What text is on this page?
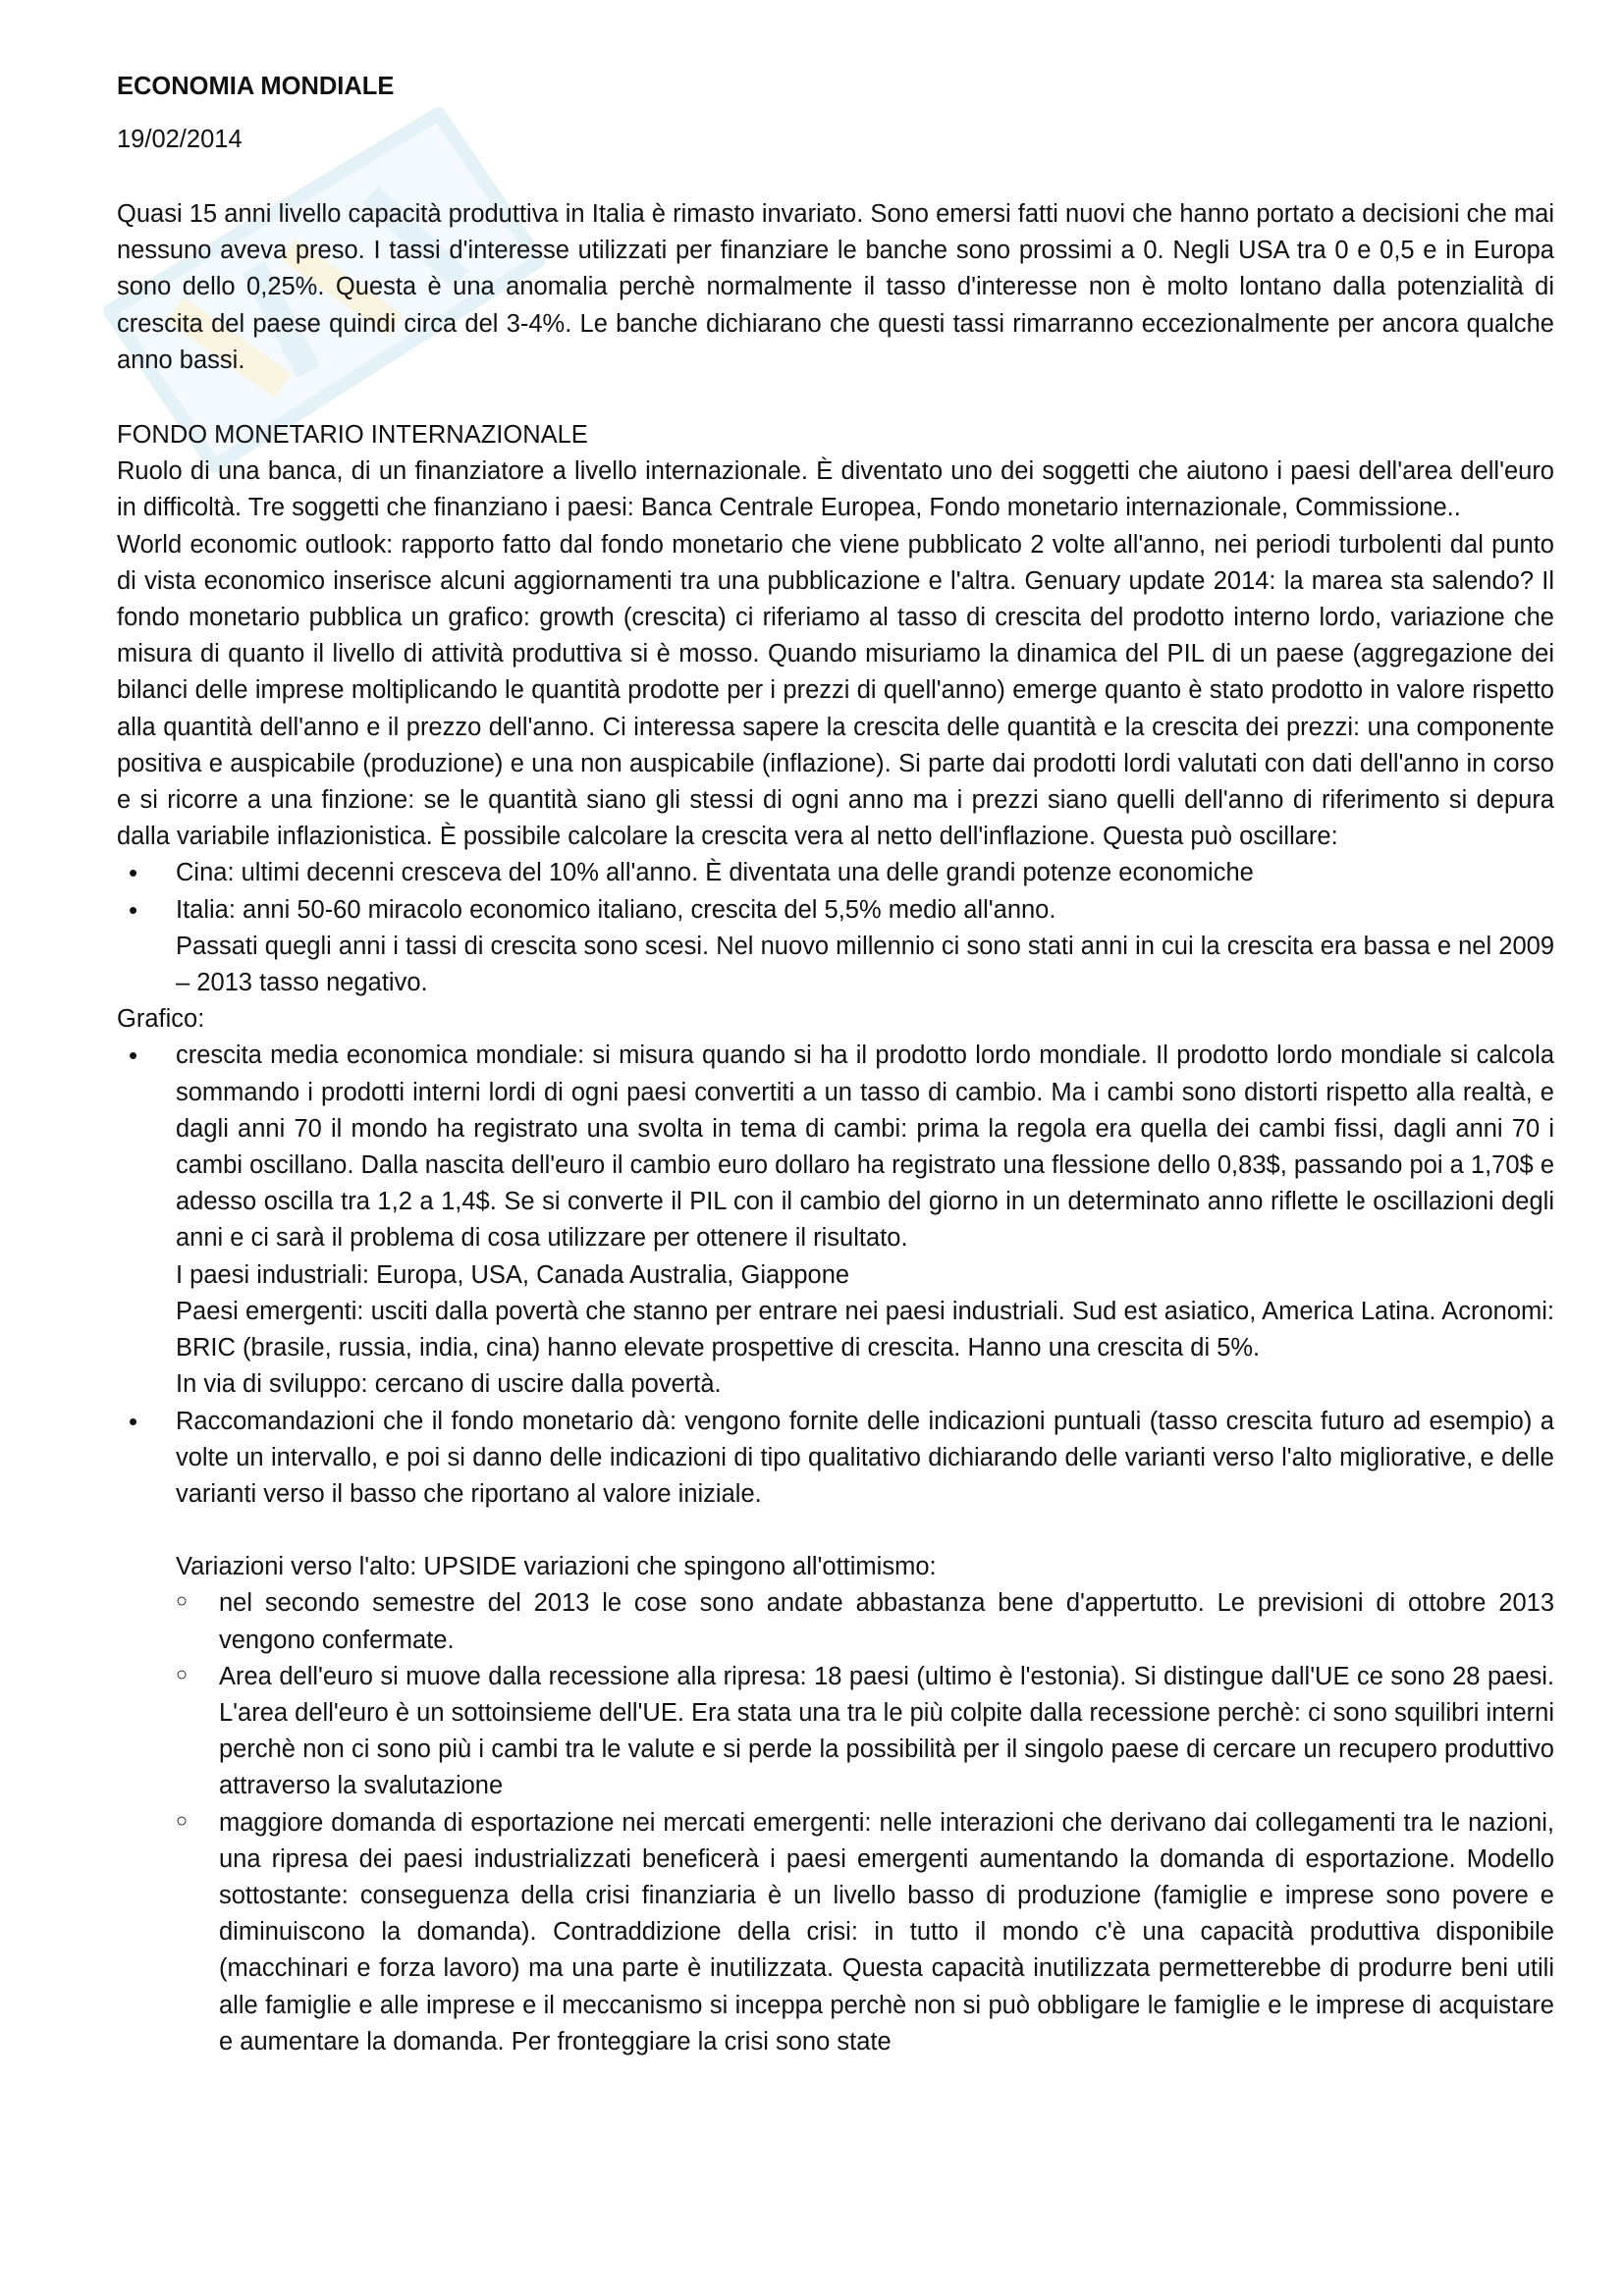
ECONOMIA MONDIALE
19/02/2014

Quasi 15 anni livello capacità produttiva in Italia è rimasto invariato. Sono emersi fatti nuovi che hanno portato a decisioni che mai nessuno aveva preso. I tassi d'interesse utilizzati per finanziare le banche sono prossimi a 0. Negli USA tra 0 e 0,5 e in Europa sono dello 0,25%. Questa è una anomalia perchè normalmente il tasso d'interesse non è molto lontano dalla potenzialità di crescita del paese quindi circa del 3-4%. Le banche dichiarano che questi tassi rimarranno eccezionalmente per ancora qualche anno bassi.

FONDO MONETARIO INTERNAZIONALE

Ruolo di una banca, di un finanziatore a livello internazionale. È diventato uno dei soggetti che aiutono i paesi dell'area dell'euro in difficoltà. Tre soggetti che finanziano i paesi: Banca Centrale Europea, Fondo monetario internazionale, Commissione..

World economic outlook: rapporto fatto dal fondo monetario che viene pubblicato 2 volte all'anno, nei periodi turbolenti dal punto di vista economico inserisce alcuni aggiornamenti tra una pubblicazione e l'altra. Genuary update 2014: la marea sta salendo? Il fondo monetario pubblica un grafico: growth (crescita) ci riferiamo al tasso di crescita del prodotto interno lordo, variazione che misura di quanto il livello di attività produttiva si è mosso. Quando misuriamo la dinamica del PIL di un paese (aggregazione dei bilanci delle imprese moltiplicando le quantità prodotte per i prezzi di quell'anno) emerge quanto è stato prodotto in valore rispetto alla quantità dell'anno e il prezzo dell'anno. Ci interessa sapere la crescita delle quantità e la crescita dei prezzi: una componente positiva e auspicabile (produzione) e una non auspicabile (inflazione). Si parte dai prodotti lordi valutati con dati dell'anno in corso e si ricorre a una finzione: se le quantità siano gli stessi di ogni anno ma i prezzi siano quelli dell'anno di riferimento si depura dalla variabile inflazionistica. È possibile calcolare la crescita vera al netto dell'inflazione. Questa può oscillare:

• Cina: ultimi decenni cresceva del 10% all'anno. È diventata una delle grandi potenze economiche
• Italia: anni 50-60 miracolo economico italiano, crescita del 5,5% medio all'anno.
Passati quegli anni i tassi di crescita sono scesi. Nel nuovo millennio ci sono stati anni in cui la crescita era bassa e nel 2009 – 2013 tasso negativo.
Grafico:
• crescita media economica mondiale: si misura quando si ha il prodotto lordo mondiale. Il prodotto lordo mondiale si calcola sommando i prodotti interni lordi di ogni paesi convertiti a un tasso di cambio. Ma i cambi sono distorti rispetto alla realtà, e dagli anni 70 il mondo ha registrato una svolta in tema di cambi: prima la regola era quella dei cambi fissi, dagli anni 70 i cambi oscillano. Dalla nascita dell'euro il cambio euro dollaro ha registrato una flessione dello 0,83$, passando poi a 1,70$ e adesso oscilla tra 1,2 a 1,4$. Se si converte il PIL con il cambio del giorno in un determinato anno riflette le oscillazioni degli anni e ci sarà il problema di cosa utilizzare per ottenere il risultato.
I paesi industriali: Europa, USA, Canada Australia, Giappone
Paesi emergenti: usciti dalla povertà che stanno per entrare nei paesi industriali. Sud est asiatico, America Latina. Acronomi: BRIC (brasile, russia, india, cina) hanno elevate prospettive di crescita. Hanno una crescita di 5%.
In via di sviluppo: cercano di uscire dalla povertà.
• Raccomandazioni che il fondo monetario dà: vengono fornite delle indicazioni puntuali (tasso crescita futuro ad esempio) a volte un intervallo, e poi si danno delle indicazioni di tipo qualitativo dichiarando delle varianti verso l'alto migliorative, e delle varianti verso il basso che riportano al valore iniziale.
Variazioni verso l'alto: UPSIDE variazioni che spingono all'ottimismo:
○ nel secondo semestre del 2013 le cose sono andate abbastanza bene d'appertutto. Le previsioni di ottobre 2013 vengono confermate.
○ Area dell'euro si muove dalla recessione alla ripresa: 18 paesi (ultimo è l'estonia). Si distingue dall'UE ce sono 28 paesi. L'area dell'euro è un sottoinsieme dell'UE. Era stata una tra le più colpite dalla recessione perchè: ci sono squilibri interni perchè non ci sono più i cambi tra le valute e si perde la possibilità per il singolo paese di cercare un recupero produttivo attraverso la svalutazione
○ maggiore domanda di esportazione nei mercati emergenti: nelle interazioni che derivano dai collegamenti tra le nazioni, una ripresa dei paesi industrializzati beneficerà i paesi emergenti aumentando la domanda di esportazione. Modello sottostante: conseguenza della crisi finanziaria è un livello basso di produzione (famiglie e imprese sono povere e diminuiscono la domanda). Contraddizione della crisi: in tutto il mondo c'è una capacità produttiva disponibile (macchinari e forza lavoro) ma una parte è inutilizzata. Questa capacità inutilizzata permetterebbe di produrre beni utili alle famiglie e alle imprese e il meccanismo si inceppa perchè non si può obbligare le famiglie e le imprese di acquistare e aumentare la domanda. Per fronteggiare la crisi sono state
